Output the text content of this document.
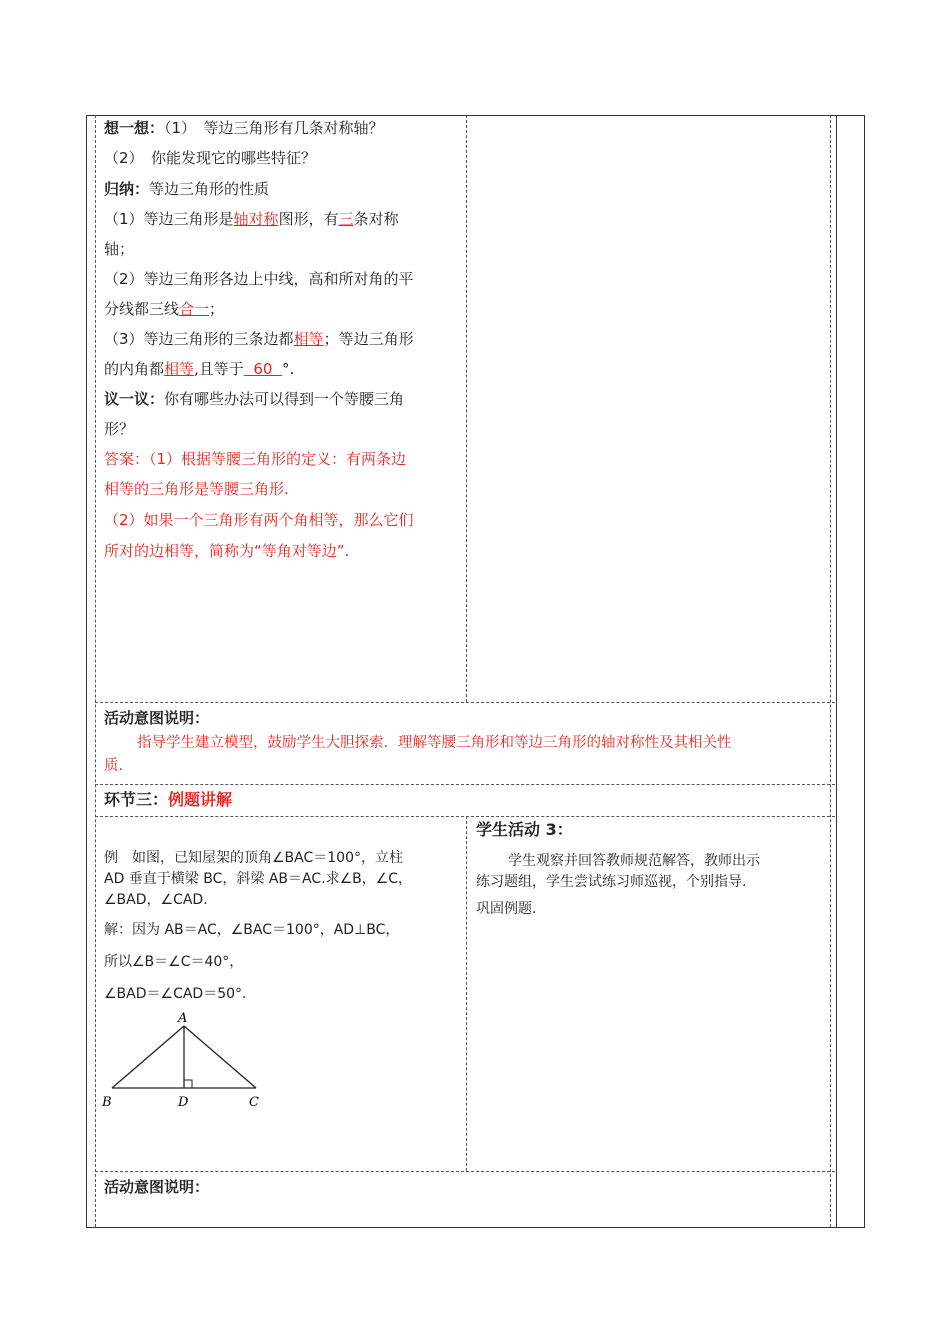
想一想：（1）　等边三角形有几条对称轴？
（2）　你能发现它的哪些特征？
归纳：等边三角形的性质
（1）等边三角形是轴对称图形，有三条对称
轴；
（2）等边三角形各边上中线，高和所对角的平
分线都三线合一；
（3）等边三角形的三条边都相等；等边三角形
的内角都相等,且等于  60  °.
议一议：你有哪些办法可以得到一个等腰三角
形？
答案：（1）根据等腰三角形的定义：有两条边
相等的三角形是等腰三角形.
（2）如果一个三角形有两个角相等，那么它们
所对的边相等，简称为“等角对等边”.
活动意图说明：
指导学生建立模型，鼓励学生大胆探索．理解等腰三角形和等边三角形的轴对称性及其相关性
质.
环节三：例题讲解
例　如图，已知屋架的顶角∠BAC＝100°，立柱
AD 垂直于横梁 BC，斜梁 AB＝AC.求∠B，∠C，
∠BAD，∠CAD.
解：因为 AB＝AC，∠BAC＝100°，AD⊥BC，
所以∠B＝∠C＝40°，
∠BAD＝∠CAD＝50°.
A
B	D	C
学生活动 3：
学生观察并回答教师规范解答，教师出示
练习题组，学生尝试练习师巡视，个别指导.
巩固例题.
活动意图说明：
